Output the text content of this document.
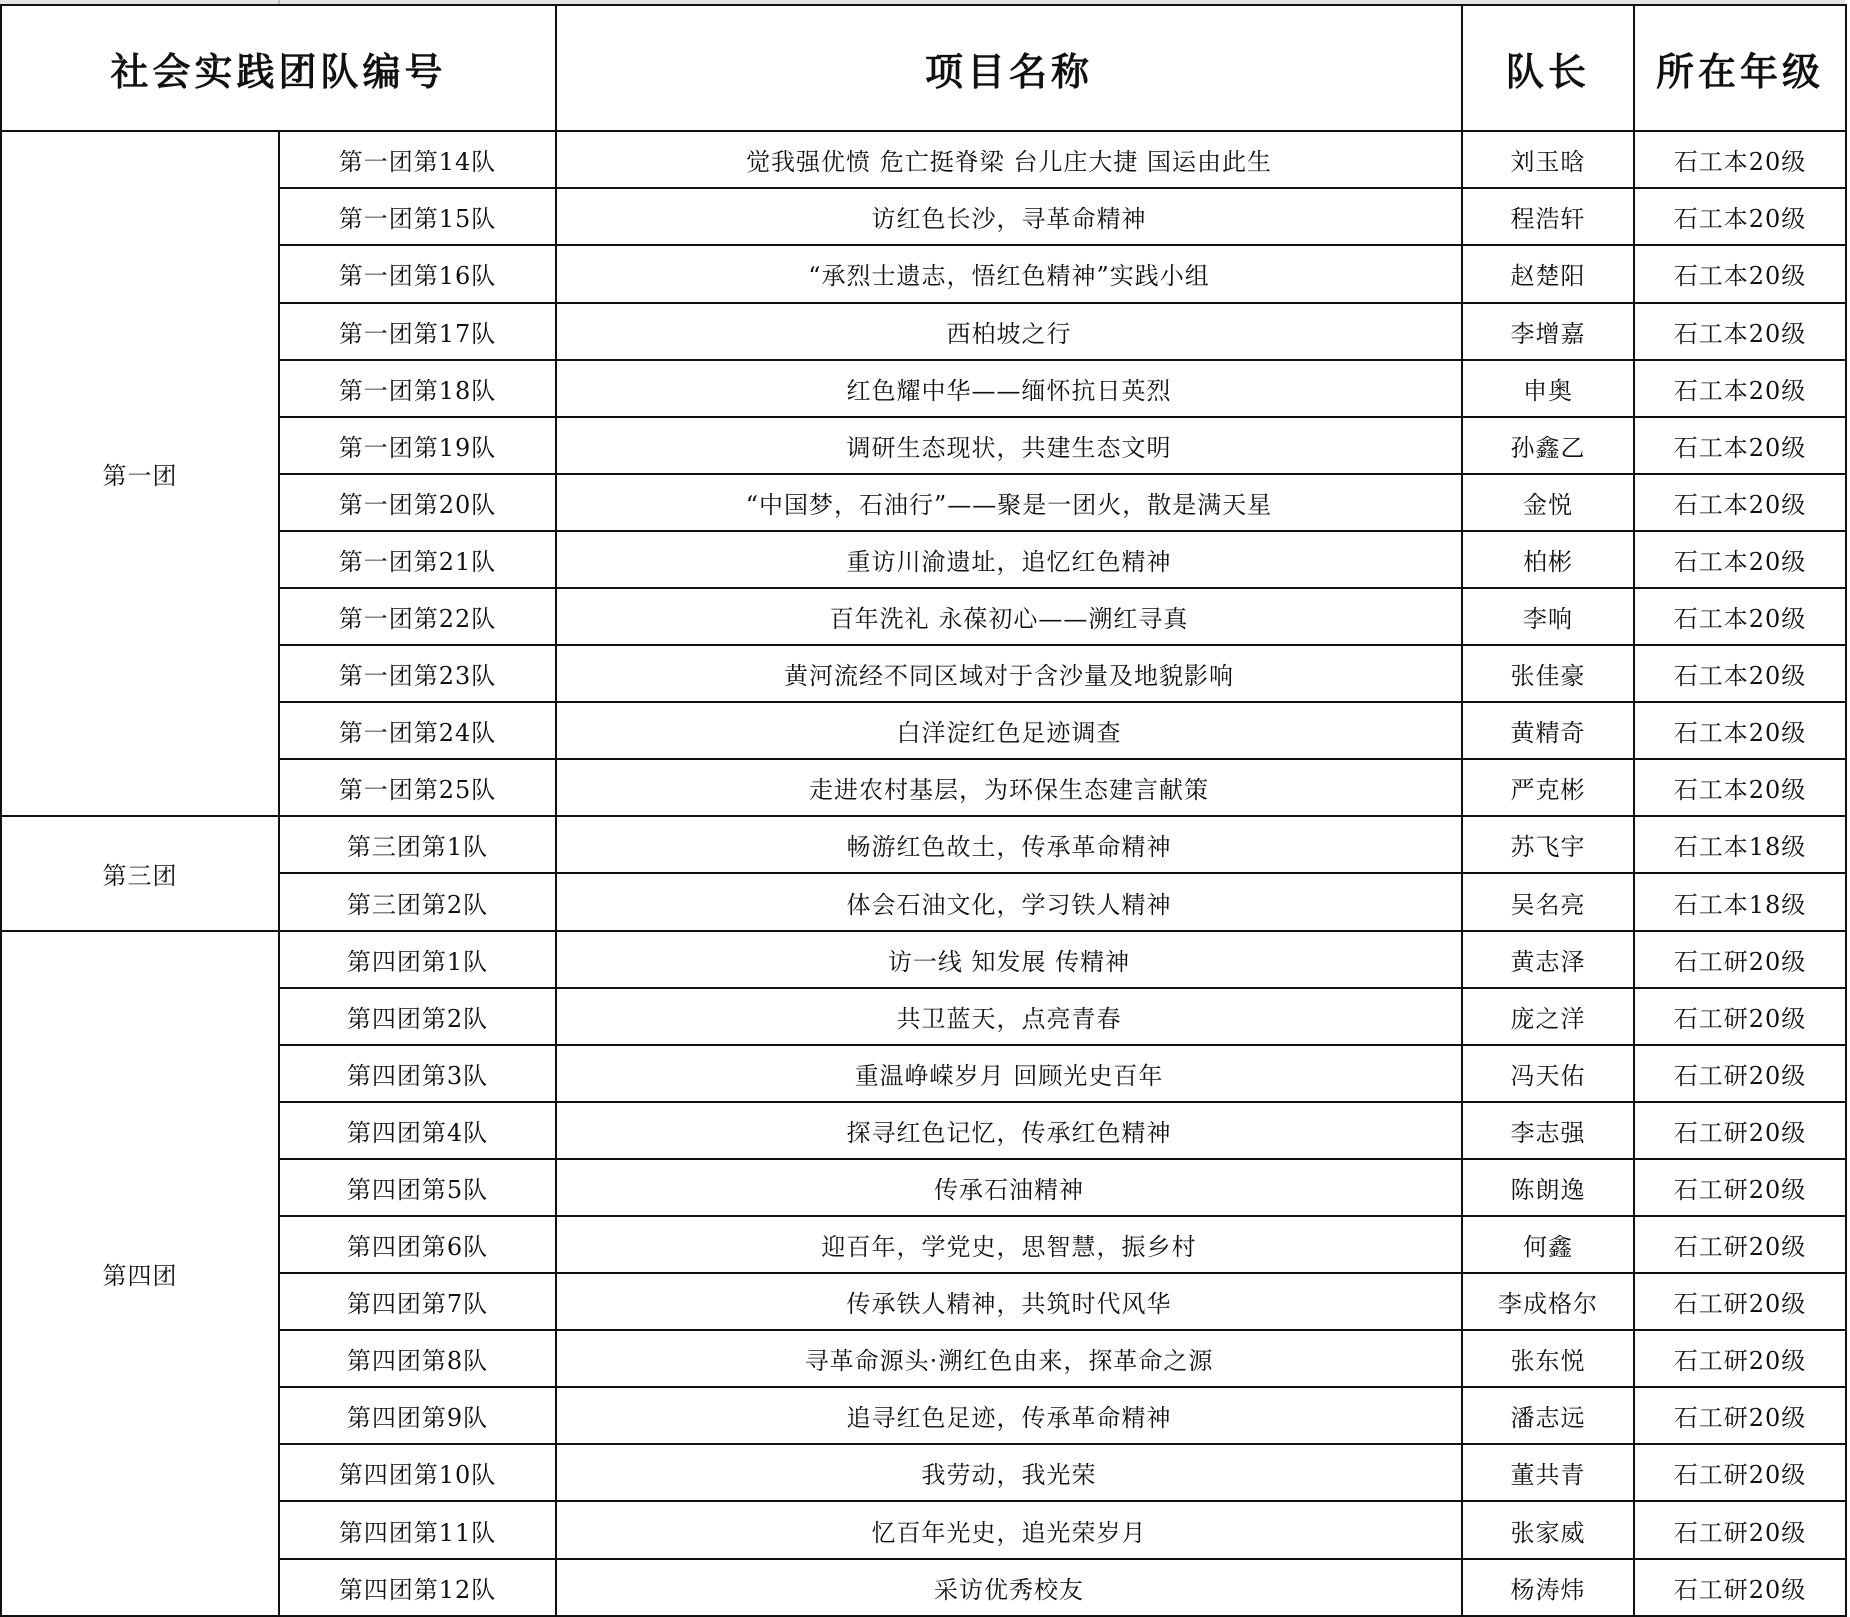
社会实践团队编号		项目名称	队长	所在年级
第一团	第一团第14队	觉我强优愤 危亡挺脊梁 台儿庄大捷 国运由此生	刘玉晗	石工本20级
	第一团第15队	访红色长沙，寻革命精神	程浩轩	石工本20级
	第一团第16队	“承烈士遗志，悟红色精神”实践小组	赵楚阳	石工本20级
	第一团第17队	西柏坡之行	李增嘉	石工本20级
	第一团第18队	红色耀中华——缅怀抗日英烈	申奥	石工本20级
	第一团第19队	调研生态现状，共建生态文明	孙鑫乙	石工本20级
	第一团第20队	“中国梦，石油行”——聚是一团火，散是满天星	金悦	石工本20级
	第一团第21队	重访川渝遗址，追忆红色精神	柏彬	石工本20级
	第一团第22队	百年洗礼 永葆初心——溯红寻真	李响	石工本20级
	第一团第23队	黄河流经不同区域对于含沙量及地貌影响	张佳豪	石工本20级
	第一团第24队	白洋淀红色足迹调查	黄精奇	石工本20级
	第一团第25队	走进农村基层，为环保生态建言献策	严克彬	石工本20级
第三团	第三团第1队	畅游红色故土，传承革命精神	苏飞宇	石工本18级
	第三团第2队	体会石油文化，学习铁人精神	吴名亮	石工本18级
第四团	第四团第1队	访一线 知发展 传精神	黄志泽	石工研20级
	第四团第2队	共卫蓝天，点亮青春	庞之洋	石工研20级
	第四团第3队	重温峥嵘岁月 回顾光史百年	冯天佑	石工研20级
	第四团第4队	探寻红色记忆，传承红色精神	李志强	石工研20级
	第四团第5队	传承石油精神	陈朗逸	石工研20级
	第四团第6队	迎百年，学党史，思智慧，振乡村	何鑫	石工研20级
	第四团第7队	传承铁人精神，共筑时代风华	李成格尔	石工研20级
	第四团第8队	寻革命源头·溯红色由来，探革命之源	张东悦	石工研20级
	第四团第9队	追寻红色足迹，传承革命精神	潘志远	石工研20级
	第四团第10队	我劳动，我光荣	董共青	石工研20级
	第四团第11队	忆百年光史，追光荣岁月	张家威	石工研20级
	第四团第12队	采访优秀校友	杨涛炜	石工研20级
